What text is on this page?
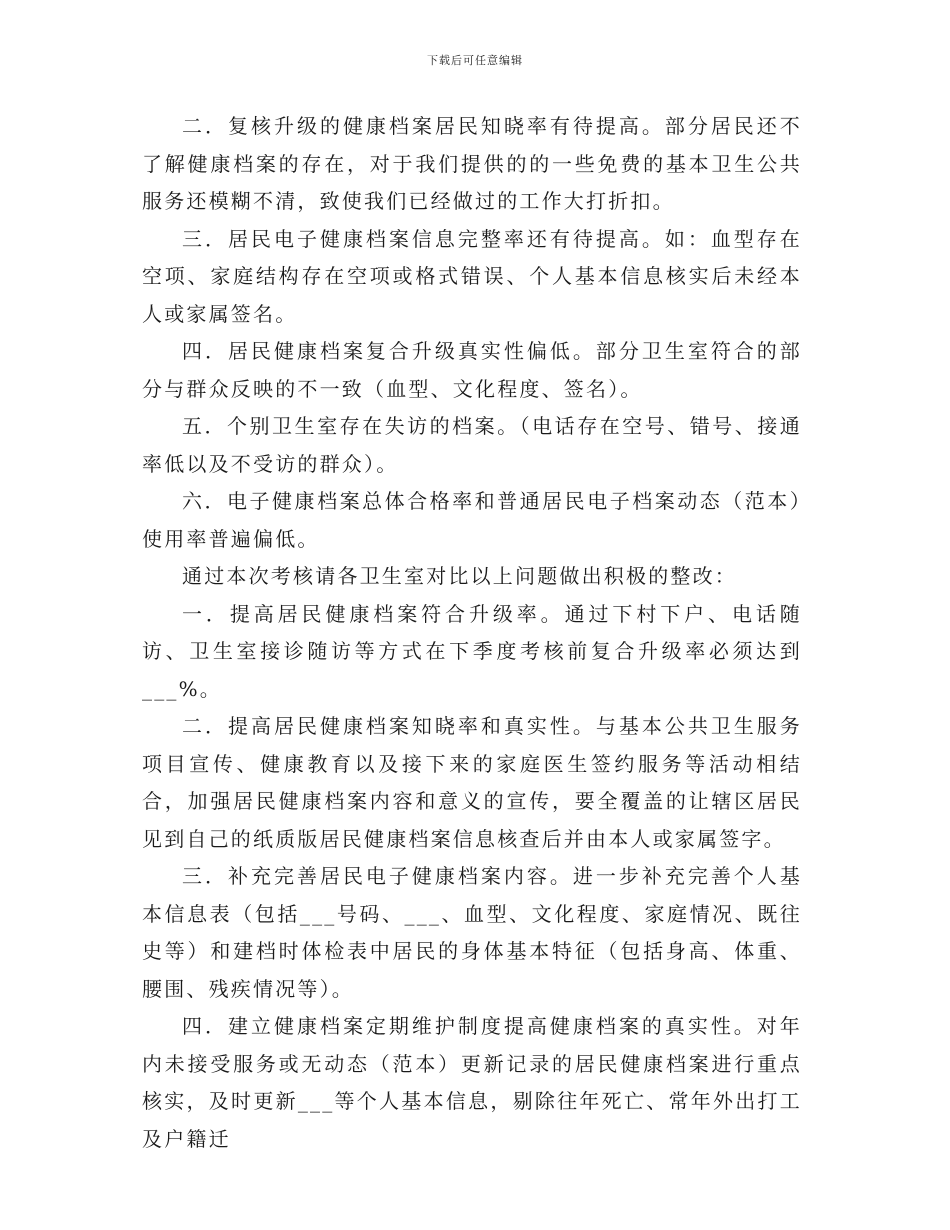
下载后可任意编辑

二．复核升级的健康档案居民知晓率有待提高。部分居民还不了解健康档案的存在，对于我们提供的的一些免费的基本卫生公共服务还模糊不清，致使我们已经做过的工作大打折扣。

三．居民电子健康档案信息完整率还有待提高。如：血型存在空项、家庭结构存在空项或格式错误、个人基本信息核实后未经本人或家属签名。

四．居民健康档案复合升级真实性偏低。部分卫生室符合的部分与群众反映的不一致（血型、文化程度、签名）。

五．个别卫生室存在失访的档案。（电话存在空号、错号、接通率低以及不受访的群众）。

六．电子健康档案总体合格率和普通居民电子档案动态（范本）使用率普遍偏低。

通过本次考核请各卫生室对比以上问题做出积极的整改：

一．提高居民健康档案符合升级率。通过下村下户、电话随访、卫生室接诊随访等方式在下季度考核前复合升级率必须达到___%。

二．提高居民健康档案知晓率和真实性。与基本公共卫生服务项目宣传、健康教育以及接下来的家庭医生签约服务等活动相结合，加强居民健康档案内容和意义的宣传，要全覆盖的让辖区居民见到自己的纸质版居民健康档案信息核查后并由本人或家属签字。

三．补充完善居民电子健康档案内容。进一步补充完善个人基本信息表（包括___号码、___、血型、文化程度、家庭情况、既往史等）和建档时体检表中居民的身体基本特征（包括身高、体重、腰围、残疾情况等）。

四．建立健康档案定期维护制度提高健康档案的真实性。对年内未接受服务或无动态（范本）更新记录的居民健康档案进行重点核实，及时更新___等个人基本信息，剔除往年死亡、常年外出打工及户籍迁
